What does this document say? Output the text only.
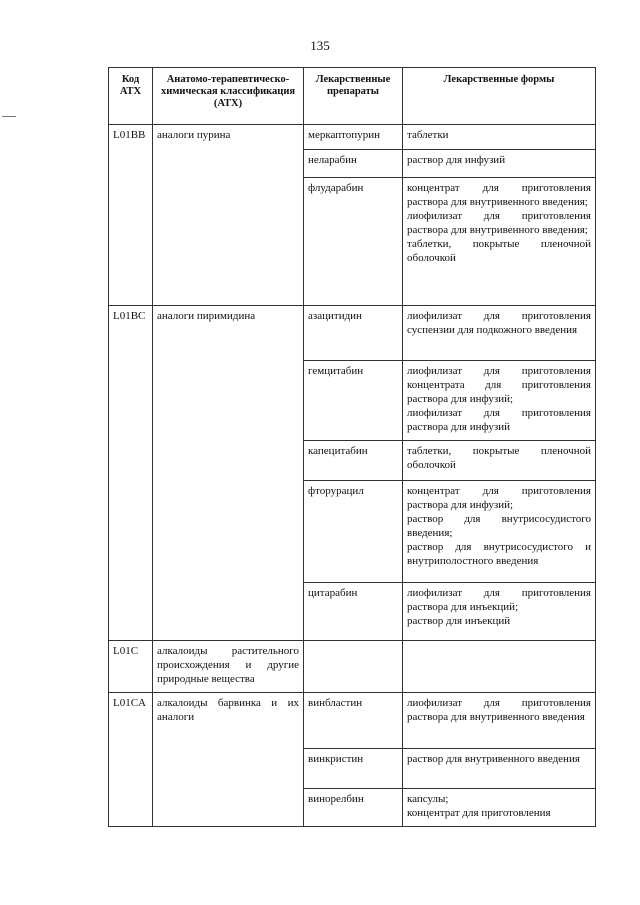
135
Код АТХ	Анатомо-терапевтическо-химическая классификация (АТХ)	Лекарственные препараты	Лекарственные формы
L01BB	аналоги пурина	меркаптопурин	таблетки

		неларабин	раствор для инфузий

		флударабин	концентрат для приготовления раствора для внутривенного введения;
лиофилизат для приготовления раствора для внутривенного введения;
таблетки, покрытые пленочной оболочкой

L01BC	аналоги пиримидина	азацитидин	лиофилизат для приготовления суспензии для подкожного введения

		гемцитабин	лиофилизат для приготовления концентрата для приготовления раствора для инфузий;
лиофилизат для приготовления раствора для инфузий

		капецитабин	таблетки, покрытые пленочной оболочкой

		фторурацил	концентрат для приготовления раствора для инфузий;
раствор для внутрисосудистого введения;
раствор для внутрисосудистого и внутриполостного введения

		цитарабин	лиофилизат для приготовления раствора для инъекций;
раствор для инъекций

L01C	алкалоиды растительного происхождения и другие природные вещества		
L01CA	алкалоиды барвинка и их аналоги	винбластин	лиофилизат для приготовления раствора для внутривенного введения

		винкристин	раствор для внутривенного введения

		винорелбин	капсулы;
концентрат для приготовления
